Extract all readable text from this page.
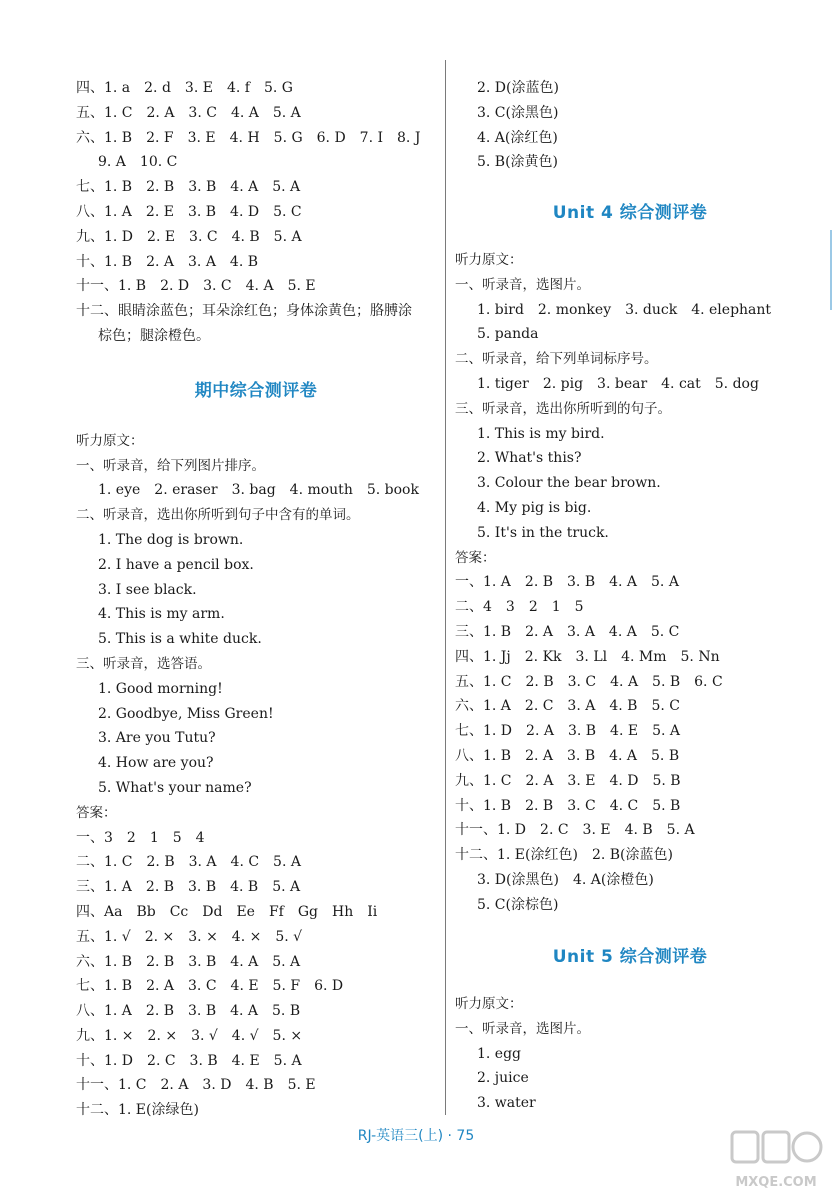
四、1. a　2. d　3. E　4. f　5. G
五、1. C　2. A　3. C　4. A　5. A
六、1. B　2. F　3. E　4. H　5. G　6. D　7. I　8. J
9. A　10. C
七、1. B　2. B　3. B　4. A　5. A
八、1. A　2. E　3. B　4. D　5. C
九、1. D　2. E　3. C　4. B　5. A
十、1. B　2. A　3. A　4. B
十一、1. B　2. D　3. C　4. A　5. E
十二、眼睛涂蓝色；耳朵涂红色；身体涂黄色；胳膊涂
棕色；腿涂橙色。
期中综合测评卷
听力原文：
一、听录音，给下列图片排序。
1. eye　2. eraser　3. bag　4. mouth　5. book
二、听录音，选出你所听到句子中含有的单词。
1. The dog is brown.
2. I have a pencil box.
3. I see black.
4. This is my arm.
5. This is a white duck.
三、听录音，选答语。
1. Good morning!
2. Goodbye, Miss Green!
3. Are you Tutu?
4. How are you?
5. What's your name?
答案：
一、3　2　1　5　4
二、1. C　2. B　3. A　4. C　5. A
三、1. A　2. B　3. B　4. B　5. A
四、Aa　Bb　Cc　Dd　Ee　Ff　Gg　Hh　Ii
五、1. √　2. ×　3. ×　4. ×　5. √
六、1. B　2. B　3. B　4. A　5. A
七、1. B　2. A　3. C　4. E　5. F　6. D
八、1. A　2. B　3. B　4. A　5. B
九、1. ×　2. ×　3. √　4. √　5. ×
十、1. D　2. C　3. B　4. E　5. A
十一、1. C　2. A　3. D　4. B　5. E
十二、1. E(涂绿色)
2. D(涂蓝色)
3. C(涂黑色)
4. A(涂红色)
5. B(涂黄色)
Unit 4 综合测评卷
听力原文：
一、听录音，选图片。
1. bird　2. monkey　3. duck　4. elephant
5. panda
二、听录音，给下列单词标序号。
1. tiger　2. pig　3. bear　4. cat　5. dog
三、听录音，选出你所听到的句子。
1. This is my bird.
2. What's this?
3. Colour the bear brown.
4. My pig is big.
5. It's in the truck.
答案：
一、1. A　2. B　3. B　4. A　5. A
二、4　3　2　1　5
三、1. B　2. A　3. A　4. A　5. C
四、1. Jj　2. Kk　3. Ll　4. Mm　5. Nn
五、1. C　2. B　3. C　4. A　5. B　6. C
六、1. A　2. C　3. A　4. B　5. C
七、1. D　2. A　3. B　4. E　5. A
八、1. B　2. A　3. B　4. A　5. B
九、1. C　2. A　3. E　4. D　5. B
十、1. B　2. B　3. C　4. C　5. B
十一、1. D　2. C　3. E　4. B　5. A
十二、1. E(涂红色)　2. B(涂蓝色)
3. D(涂黑色)　4. A(涂橙色)
5. C(涂棕色)
Unit 5 综合测评卷
听力原文：
一、听录音，选图片。
1. egg
2. juice
3. water
RJ-英语三(上) · 75
MXQE.COM
